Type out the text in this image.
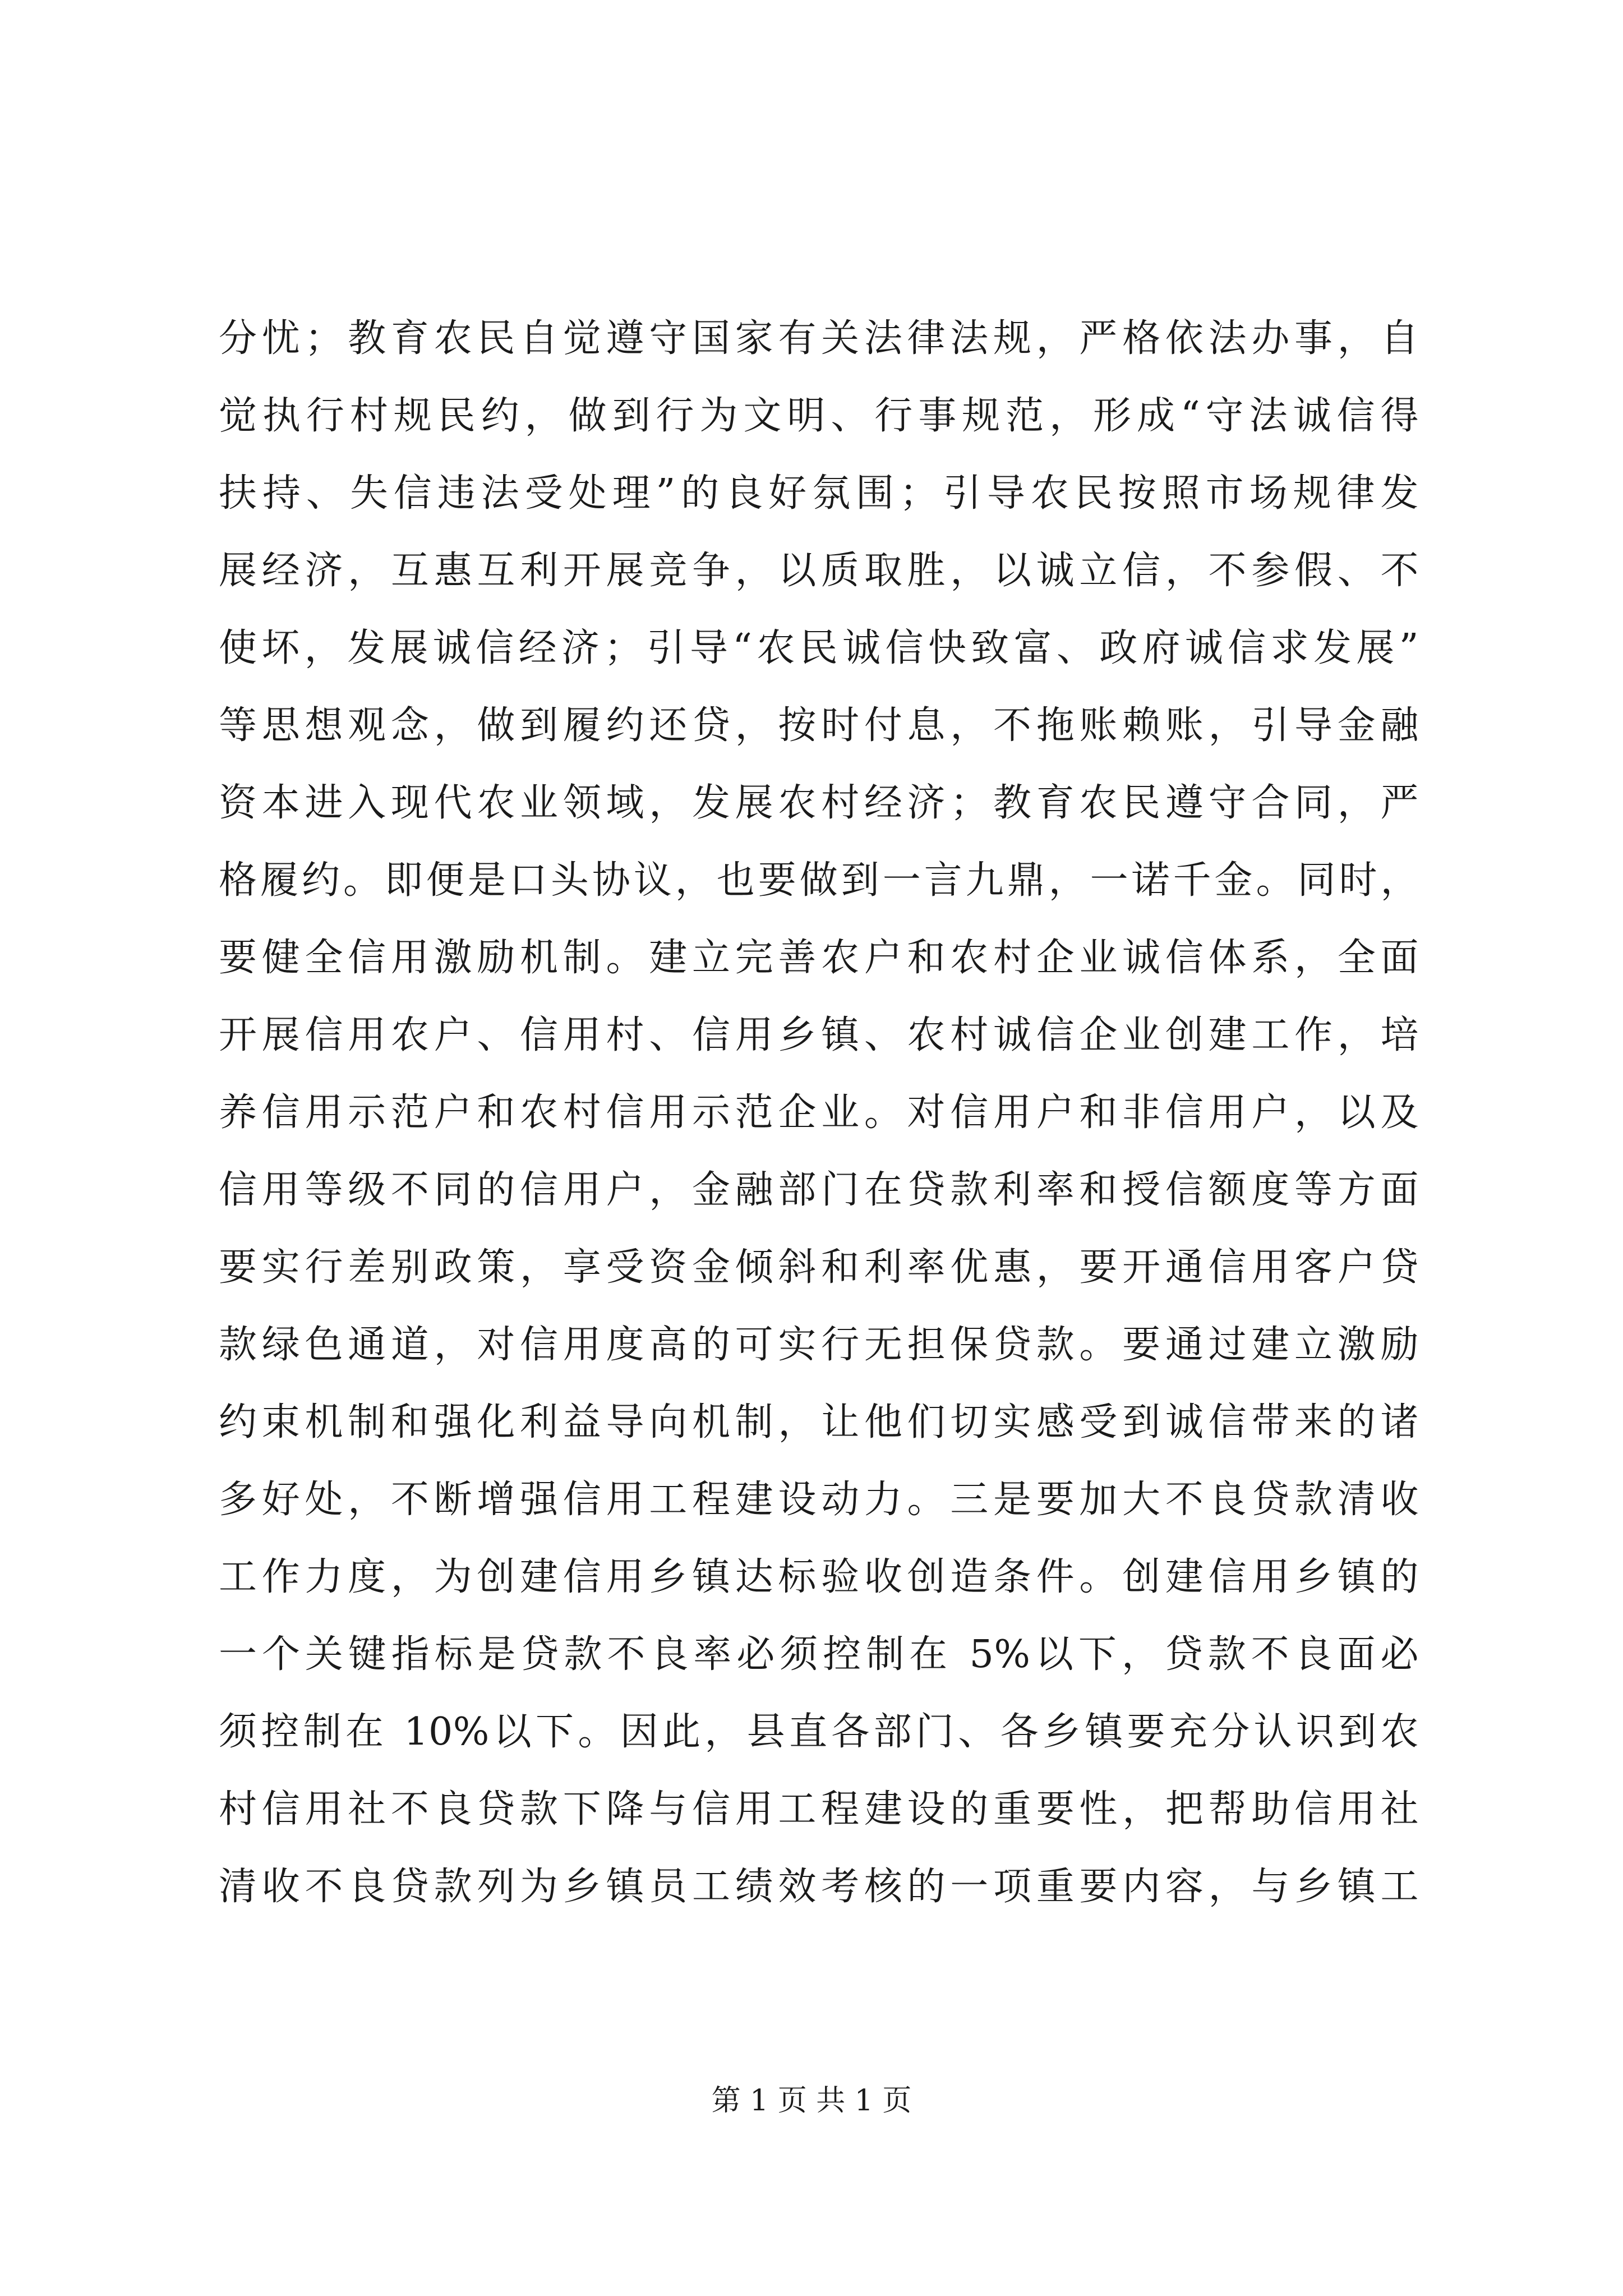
分忧；教育农民自觉遵守国家有关法律法规，严格依法办事，自
觉执行村规民约，做到行为文明、行事规范，形成“守法诚信得
扶持、失信违法受处理”的良好氛围；引导农民按照市场规律发
展经济，互惠互利开展竞争，以质取胜，以诚立信，不参假、不
使坏，发展诚信经济；引导“农民诚信快致富、政府诚信求发展”
等思想观念，做到履约还贷，按时付息，不拖账赖账，引导金融
资本进入现代农业领域，发展农村经济；教育农民遵守合同，严
格履约。即便是口头协议，也要做到一言九鼎，一诺千金。同时，
要健全信用激励机制。建立完善农户和农村企业诚信体系，全面
开展信用农户、信用村、信用乡镇、农村诚信企业创建工作，培
养信用示范户和农村信用示范企业。对信用户和非信用户，以及
信用等级不同的信用户，金融部门在贷款利率和授信额度等方面
要实行差别政策，享受资金倾斜和利率优惠，要开通信用客户贷
款绿色通道，对信用度高的可实行无担保贷款。要通过建立激励
约束机制和强化利益导向机制，让他们切实感受到诚信带来的诸
多好处，不断增强信用工程建设动力。三是要加大不良贷款清收
工作力度，为创建信用乡镇达标验收创造条件。创建信用乡镇的
一个关键指标是贷款不良率必须控制在 5%以下，贷款不良面必
须控制在 10%以下。因此，县直各部门、各乡镇要充分认识到农
村信用社不良贷款下降与信用工程建设的重要性，把帮助信用社
清收不良贷款列为乡镇员工绩效考核的一项重要内容，与乡镇工
第 1 页 共 1 页
